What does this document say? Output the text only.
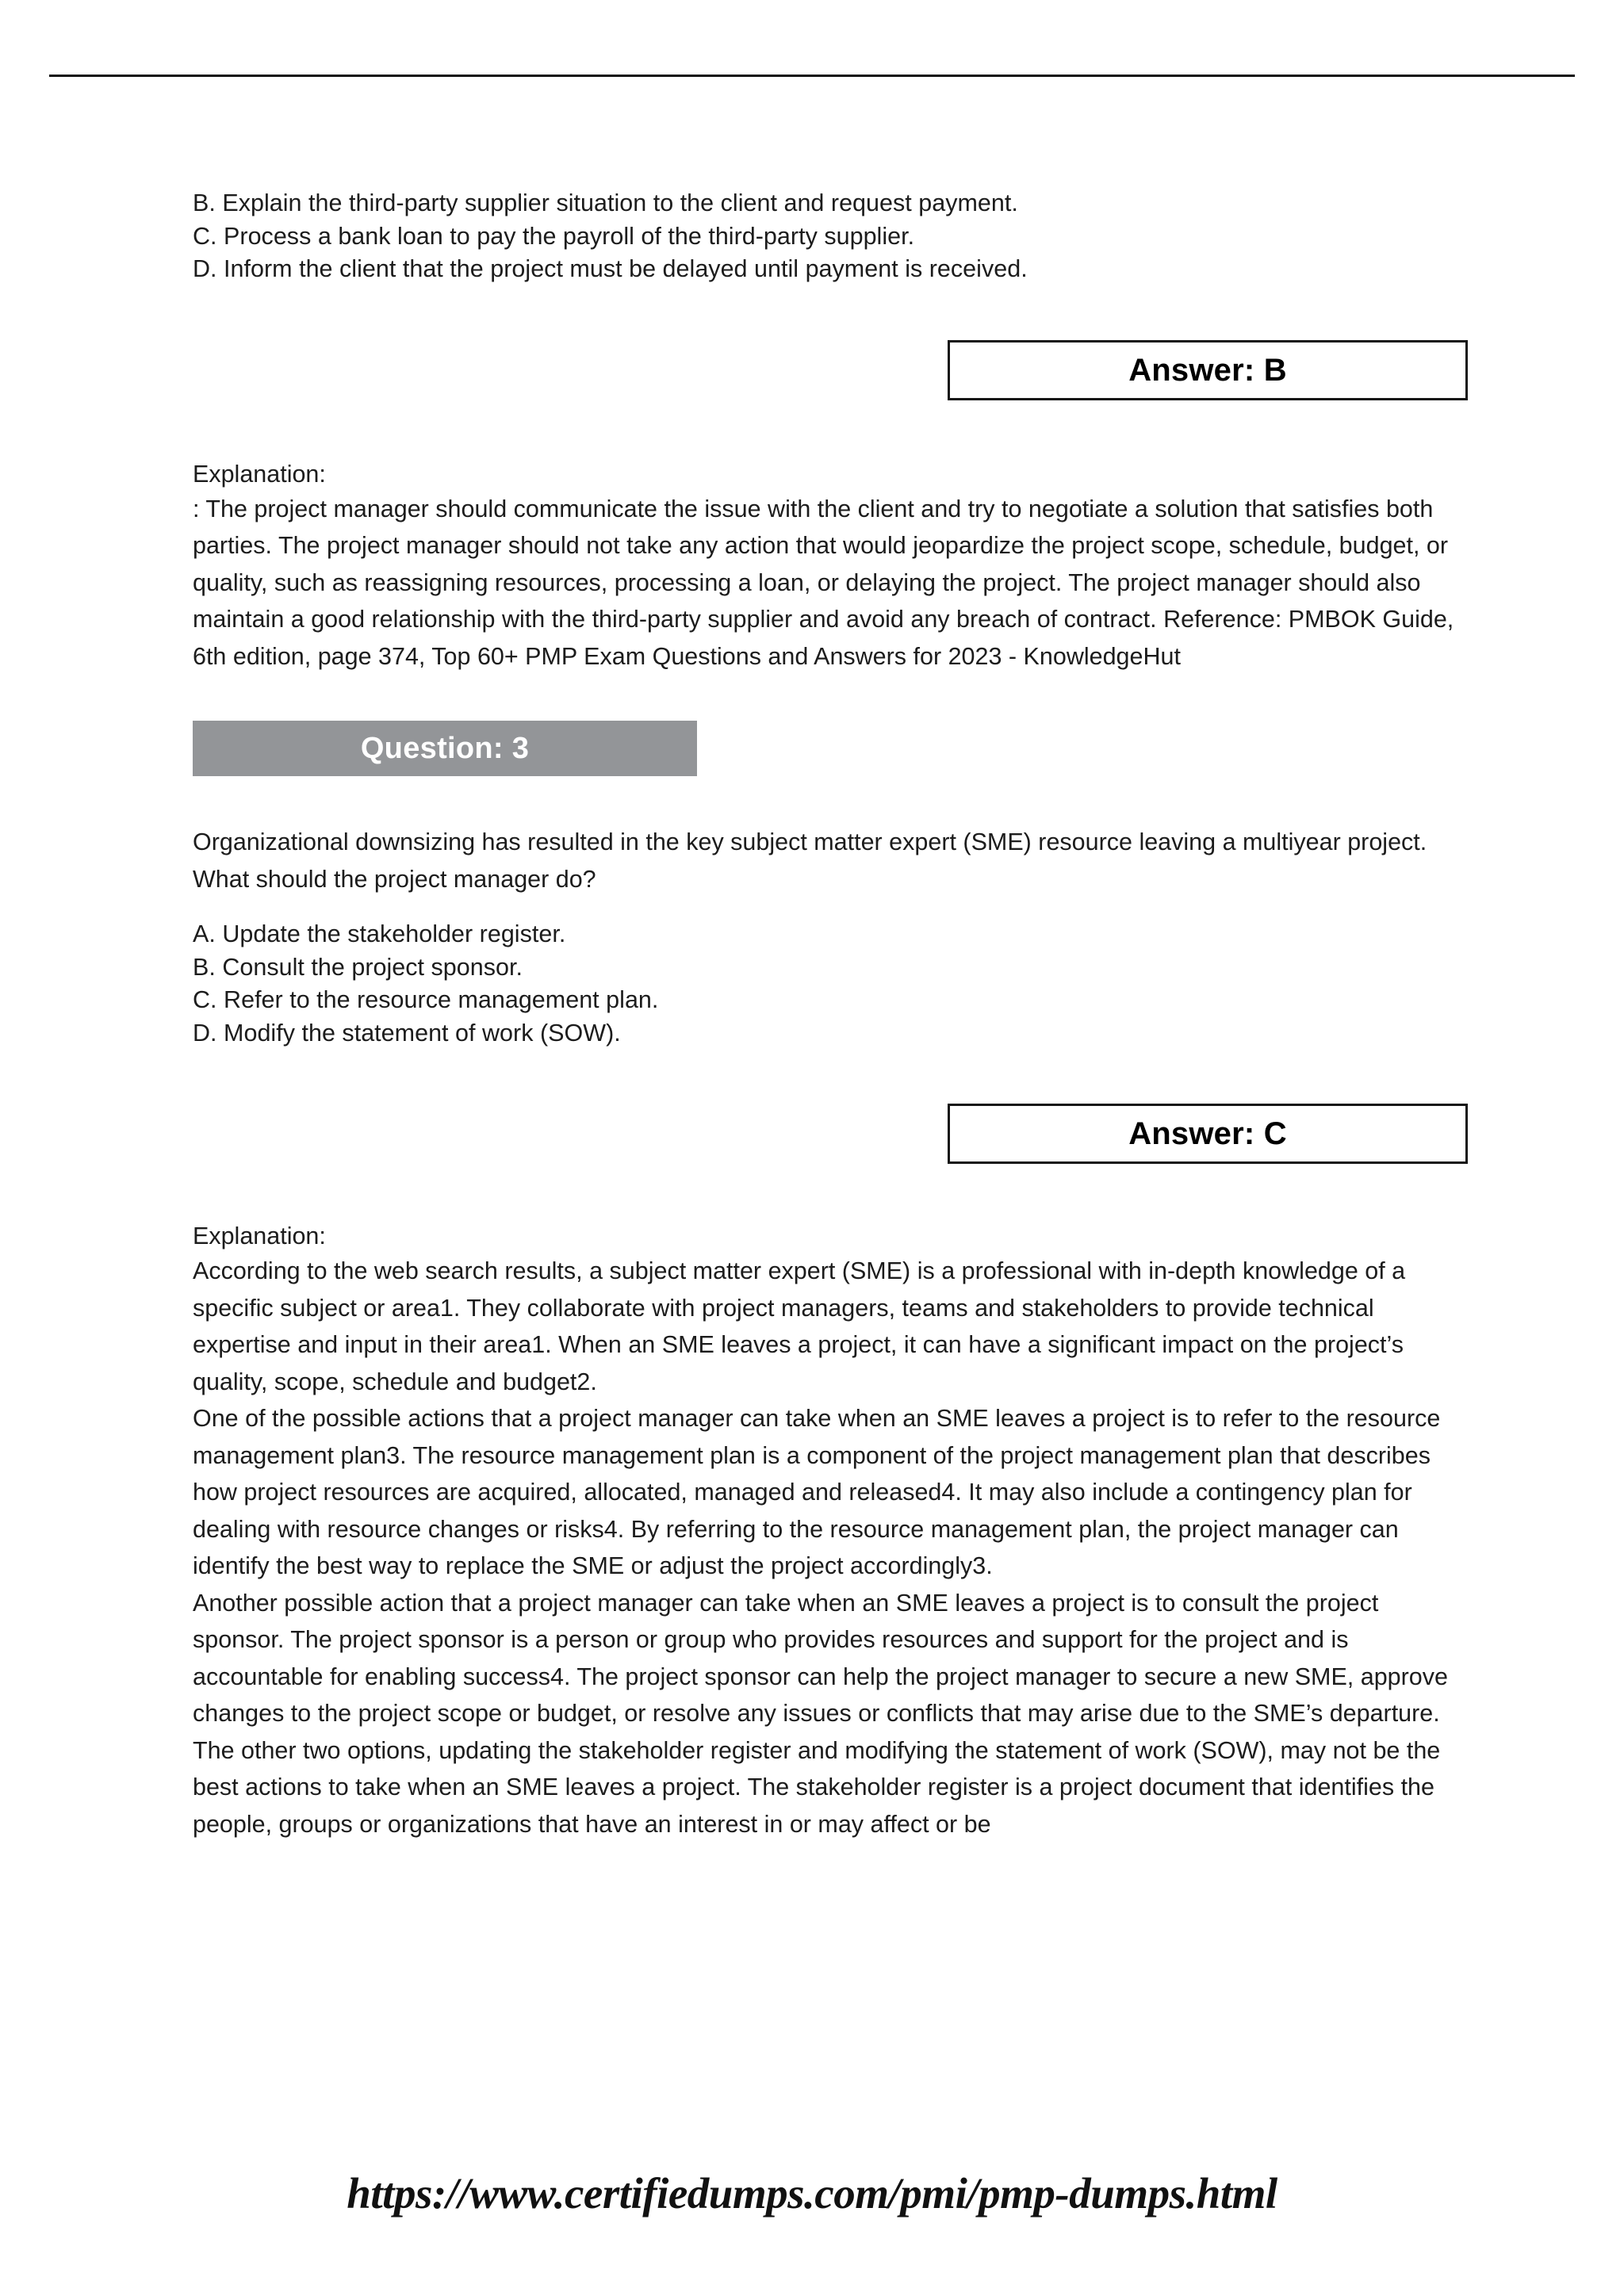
B. Explain the third-party supplier situation to the client and request payment.
C. Process a bank loan to pay the payroll of the third-party supplier.
D. Inform the client that the project must be delayed until payment is received.
Answer: B
Explanation:

: The project manager should communicate the issue with the client and try to negotiate a solution that satisfies both parties. The project manager should not take any action that would jeopardize the project scope, schedule, budget, or quality, such as reassigning resources, processing a loan, or delaying the project. The project manager should also maintain a good relationship with the third-party supplier and avoid any breach of contract. Reference: PMBOK Guide, 6th edition, page 374, Top 60+ PMP Exam Questions and Answers for 2023 - KnowledgeHut

Question: 3

Organizational downsizing has resulted in the key subject matter expert (SME) resource leaving a multiyear project. What should the project manager do?

A. Update the stakeholder register.
B. Consult the project sponsor.
C. Refer to the resource management plan.
D. Modify the statement of work (SOW).
Answer: C
Explanation:

According to the web search results, a subject matter expert (SME) is a professional with in-depth knowledge of a specific subject or area1. They collaborate with project managers, teams and stakeholders to provide technical expertise and input in their area1. When an SME leaves a project, it can have a significant impact on the project’s quality, scope, schedule and budget2.

One of the possible actions that a project manager can take when an SME leaves a project is to refer to the resource management plan3. The resource management plan is a component of the project management plan that describes how project resources are acquired, allocated, managed and released4. It may also include a contingency plan for dealing with resource changes or risks4. By referring to the resource management plan, the project manager can identify the best way to replace the SME or adjust the project accordingly3.

Another possible action that a project manager can take when an SME leaves a project is to consult the project sponsor. The project sponsor is a person or group who provides resources and support for the project and is accountable for enabling success4. The project sponsor can help the project manager to secure a new SME, approve changes to the project scope or budget, or resolve any issues or conflicts that may arise due to the SME’s departure.

The other two options, updating the stakeholder register and modifying the statement of work (SOW), may not be the best actions to take when an SME leaves a project. The stakeholder register is a project document that identifies the people, groups or organizations that have an interest in or may affect or be

https://www.certifiedumps.com/pmi/pmp-dumps.html
